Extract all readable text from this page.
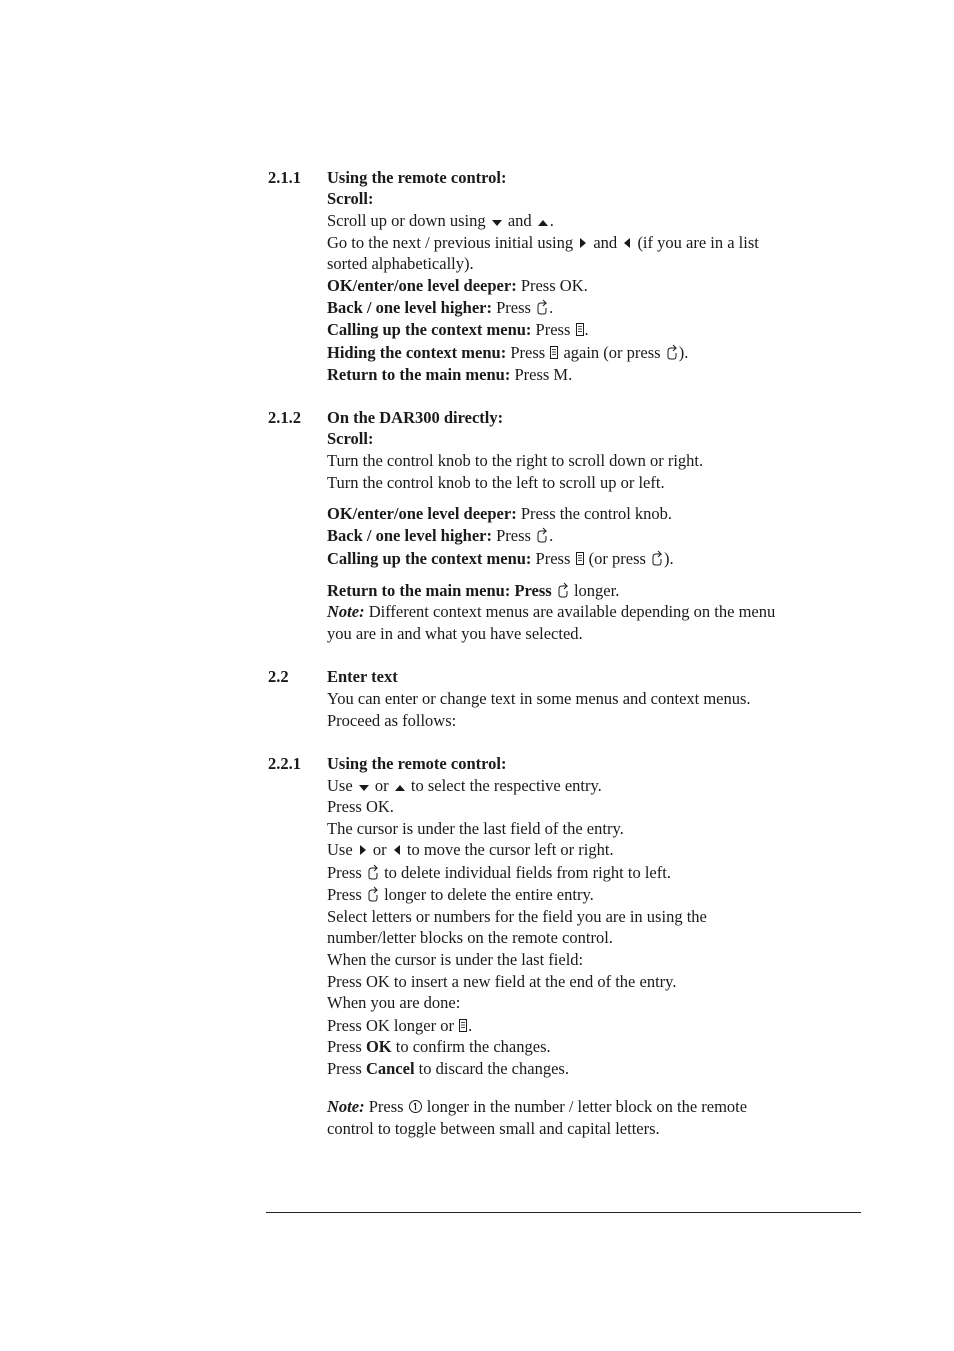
2.1.1 Using the remote control:
Scroll:
Scroll up or down using and .
Go to the next / previous initial using and (if you are in a list
sorted alphabetically).
OK/enter/one level deeper: Press OK.
Back / one level higher: Press .
Calling up the context menu: Press .
Hiding the context menu: Press again (or press ).
Return to the main menu: Press M.
2.1.2 On the DAR300 directly:
Scroll:
Turn the control knob to the right to scroll down or right.
Turn the control knob to the left to scroll up or left.
OK/enter/one level deeper: Press the control knob.
Back / one level higher: Press .
Calling up the context menu: Press (or press ).
Return to the main menu: Press longer.
Note: Different context menus are available depending on the menu
you are in and what you have selected.
2.2 Enter text
You can enter or change text in some menus and context menus.
Proceed as follows:
2.2.1 Using the remote control:
Use or to select the respective entry.
Press OK.
The cursor is under the last field of the entry.
Use or to move the cursor left or right.
Press to delete individual fields from right to left.
Press longer to delete the entire entry.
Select letters or numbers for the field you are in using the
number/letter blocks on the remote control.
When the cursor is under the last field:
Press OK to insert a new field at the end of the entry.
When you are done:
Press OK longer or .
Press OK to confirm the changes.
Press Cancel to discard the changes.
Note: Press longer in the number / letter block on the remote
control to toggle between small and capital letters.
